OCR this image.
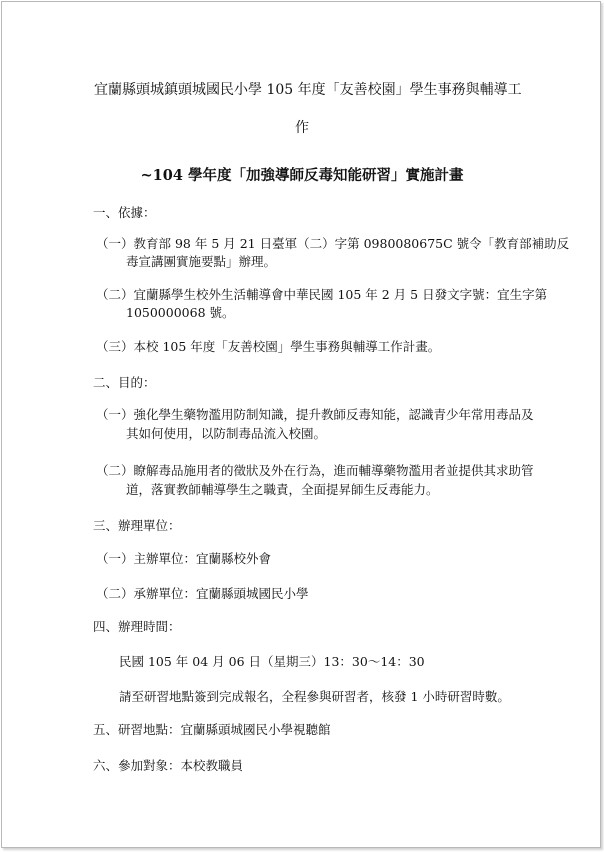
宜蘭縣頭城鎮頭城國民小學 105 年度「友善校園」學生事務與輔導工
作
~104 學年度「加強導師反毒知能研習」實施計畫
一、依據：
（一）教育部 98 年 5 月 21 日臺軍（二）字第 0980080675C 號令「教育部補助反
毒宣講團實施要點」辦理。
（二）宜蘭縣學生校外生活輔導會中華民國 105 年 2 月 5 日發文字號：宜生字第
1050000068 號。
（三）本校 105 年度「友善校園」學生事務與輔導工作計畫。
二、目的：
（一）強化學生藥物濫用防制知識，提升教師反毒知能，認識青少年常用毒品及
其如何使用，以防制毒品流入校園。
（二）瞭解毒品施用者的徵狀及外在行為，進而輔導藥物濫用者並提供其求助管
道，落實教師輔導學生之職責，全面提昇師生反毒能力。
三、辦理單位：
（一）主辦單位：宜蘭縣校外會
（二）承辦單位：宜蘭縣頭城國民小學
四、辦理時間：
民國 105 年 04 月 06 日（星期三）13：30～14：30
請至研習地點簽到完成報名，全程參與研習者，核發 1 小時研習時數。
五、研習地點：宜蘭縣頭城國民小學視聽館
六、參加對象：本校教職員
